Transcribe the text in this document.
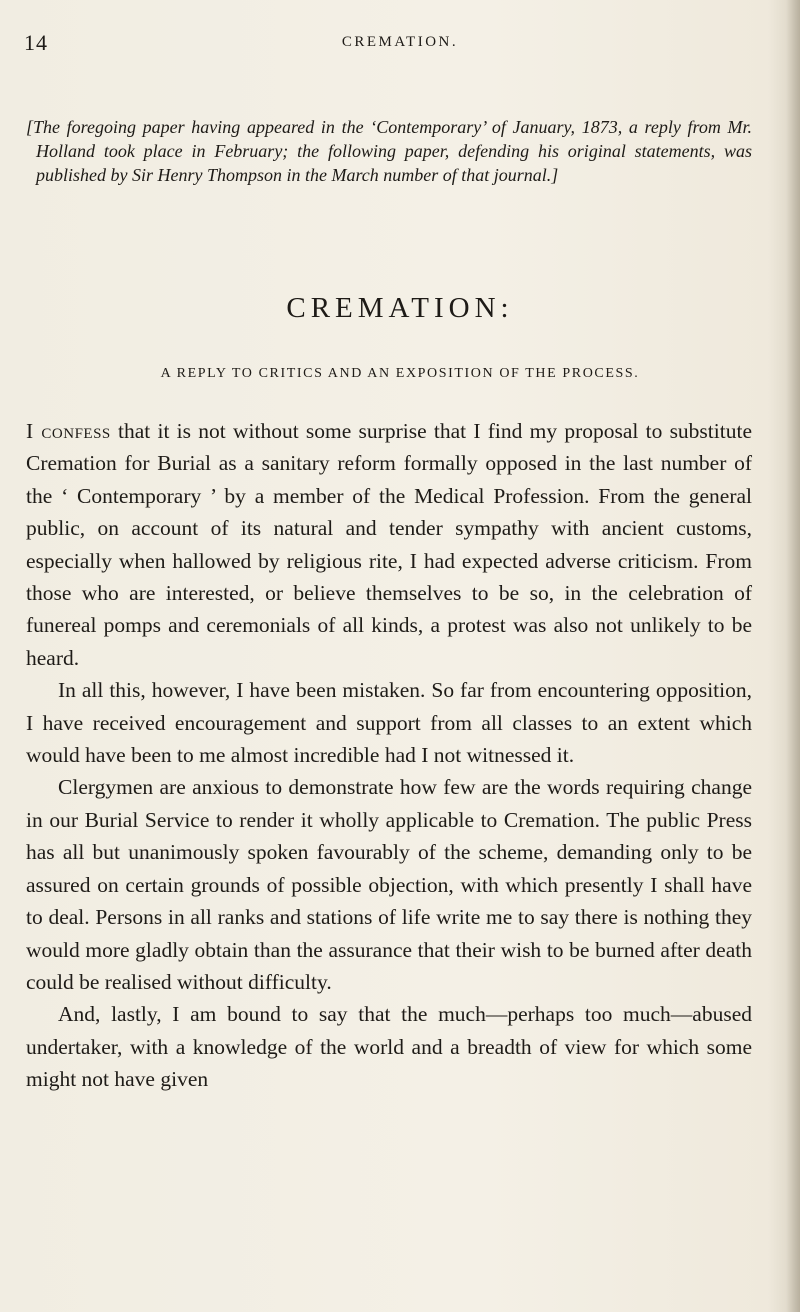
14	CREMATION.
[The foregoing paper having appeared in the ‘Contemporary’ of January, 1873, a reply from Mr. Holland took place in February; the following paper, defending his original statements, was published by Sir Henry Thompson in the March number of that journal.]
CREMATION:
A REPLY TO CRITICS AND AN EXPOSITION OF THE PROCESS.

I confess that it is not without some surprise that I find my proposal to substitute Cremation for Burial as a sanitary reform formally opposed in the last number of the ‘ Contemporary ’ by a member of the Medical Profession. From the general public, on account of its natural and tender sympathy with ancient customs, especially when hallowed by religious rite, I had expected adverse criticism. From those who are interested, or believe themselves to be so, in the celebration of funereal pomps and ceremonials of all kinds, a protest was also not unlikely to be heard.

In all this, however, I have been mistaken. So far from encountering opposition, I have received encouragement and support from all classes to an extent which would have been to me almost incredible had I not witnessed it.

Clergymen are anxious to demonstrate how few are the words requiring change in our Burial Service to render it wholly applicable to Cremation. The public Press has all but unanimously spoken favourably of the scheme, demanding only to be assured on certain grounds of possible objection, with which presently I shall have to deal. Persons in all ranks and stations of life write me to say there is nothing they would more gladly obtain than the assurance that their wish to be burned after death could be realised without difficulty.

And, lastly, I am bound to say that the much—perhaps too much—abused undertaker, with a knowledge of the world and a breadth of view for which some might not have given
